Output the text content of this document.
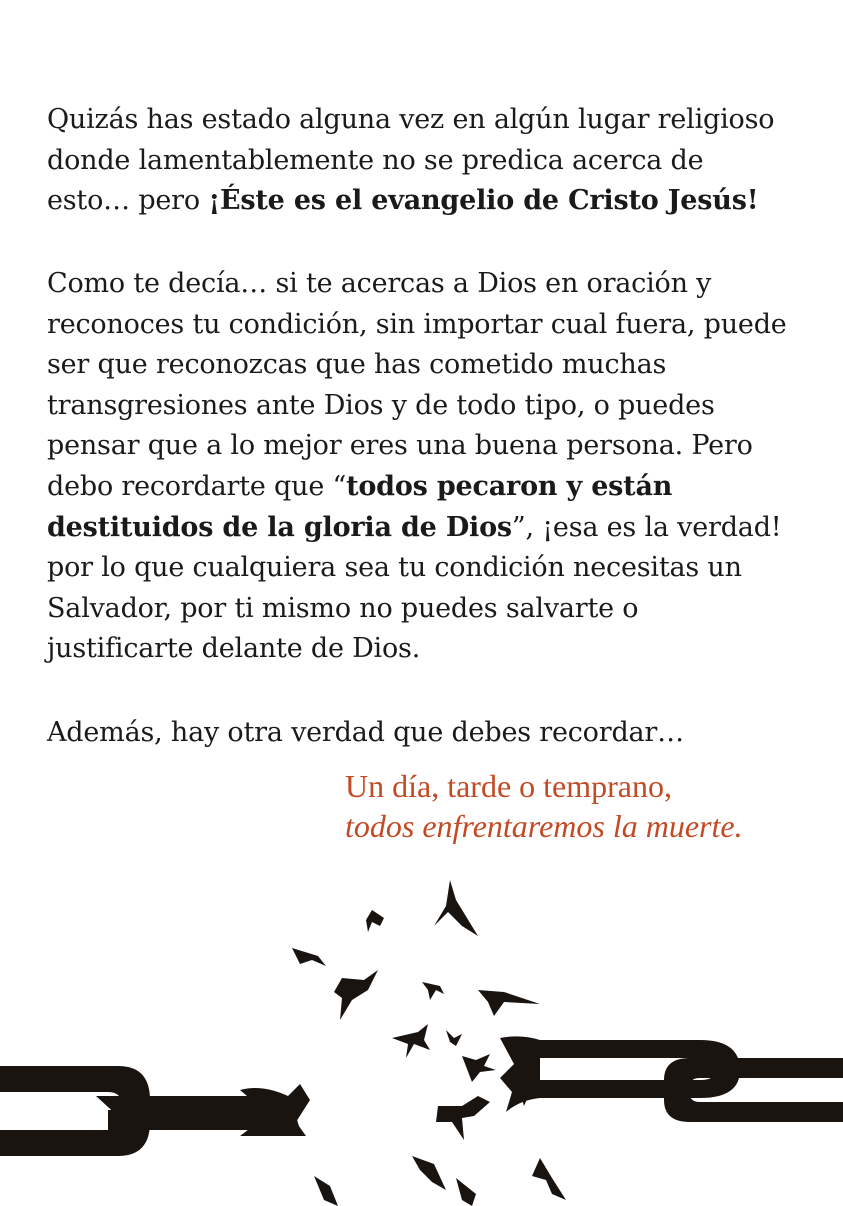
Quizás has estado alguna vez en algún lugar religioso donde lamentablemente no se predica acerca de esto… pero ¡Éste es el evangelio de Cristo Jesús!

Como te decía… si te acercas a Dios en oración y reconoces tu condición, sin importar cual fuera, puede ser que reconozcas que has cometido muchas transgresiones ante Dios y de todo tipo, o puedes pensar que a lo mejor eres una buena persona. Pero debo recordarte que “todos pecaron y están destituidos de la gloria de Dios”, ¡esa es la verdad! por lo que cualquiera sea tu condición necesitas un Salvador, por ti mismo no puedes salvarte o justificarte delante de Dios.

Además, hay otra verdad que debes recordar…

Un día, tarde o temprano,
todos enfrentaremos la muerte.
